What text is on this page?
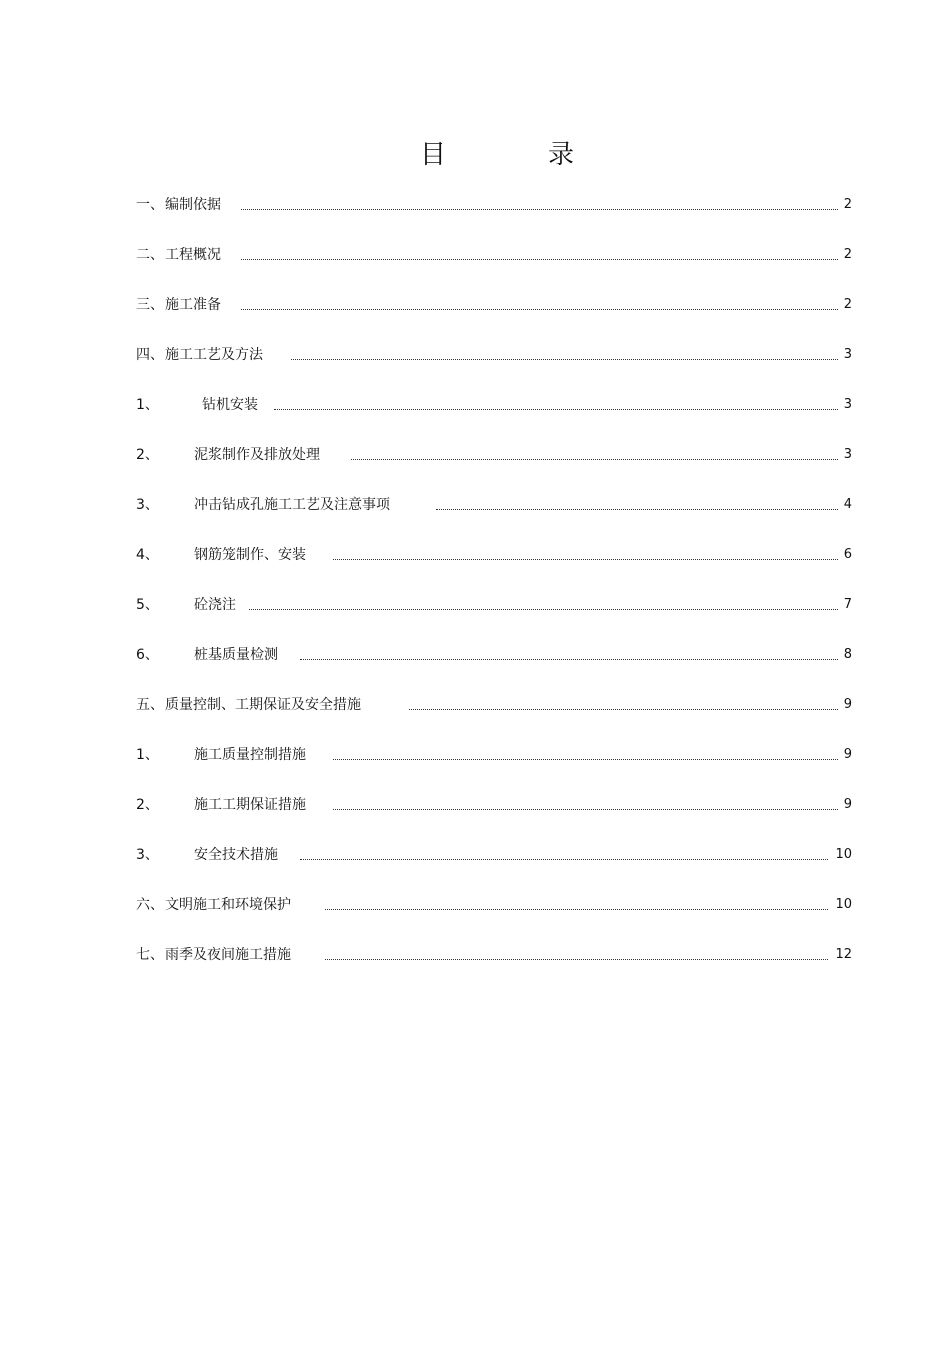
目	录
一、 编制依据	2
二、 工程概况	2
三、 施工准备	2
四、 施工工艺及方法	3
1、	钻机安装	3
2、	泥浆制作及排放处理	3
3、	冲击钻成孔施工工艺及注意事项	4
4、	钢筋笼制作、安装	6
5、	砼浇注	7
6、	桩基质量检测	8
五、 质量控制、工期保证及安全措施	9
1、	施工质量控制措施	9
2、	施工工期保证措施	9
3、	安全技术措施	10
六、 文明施工和环境保护	10
七、 雨季及夜间施工措施	12
